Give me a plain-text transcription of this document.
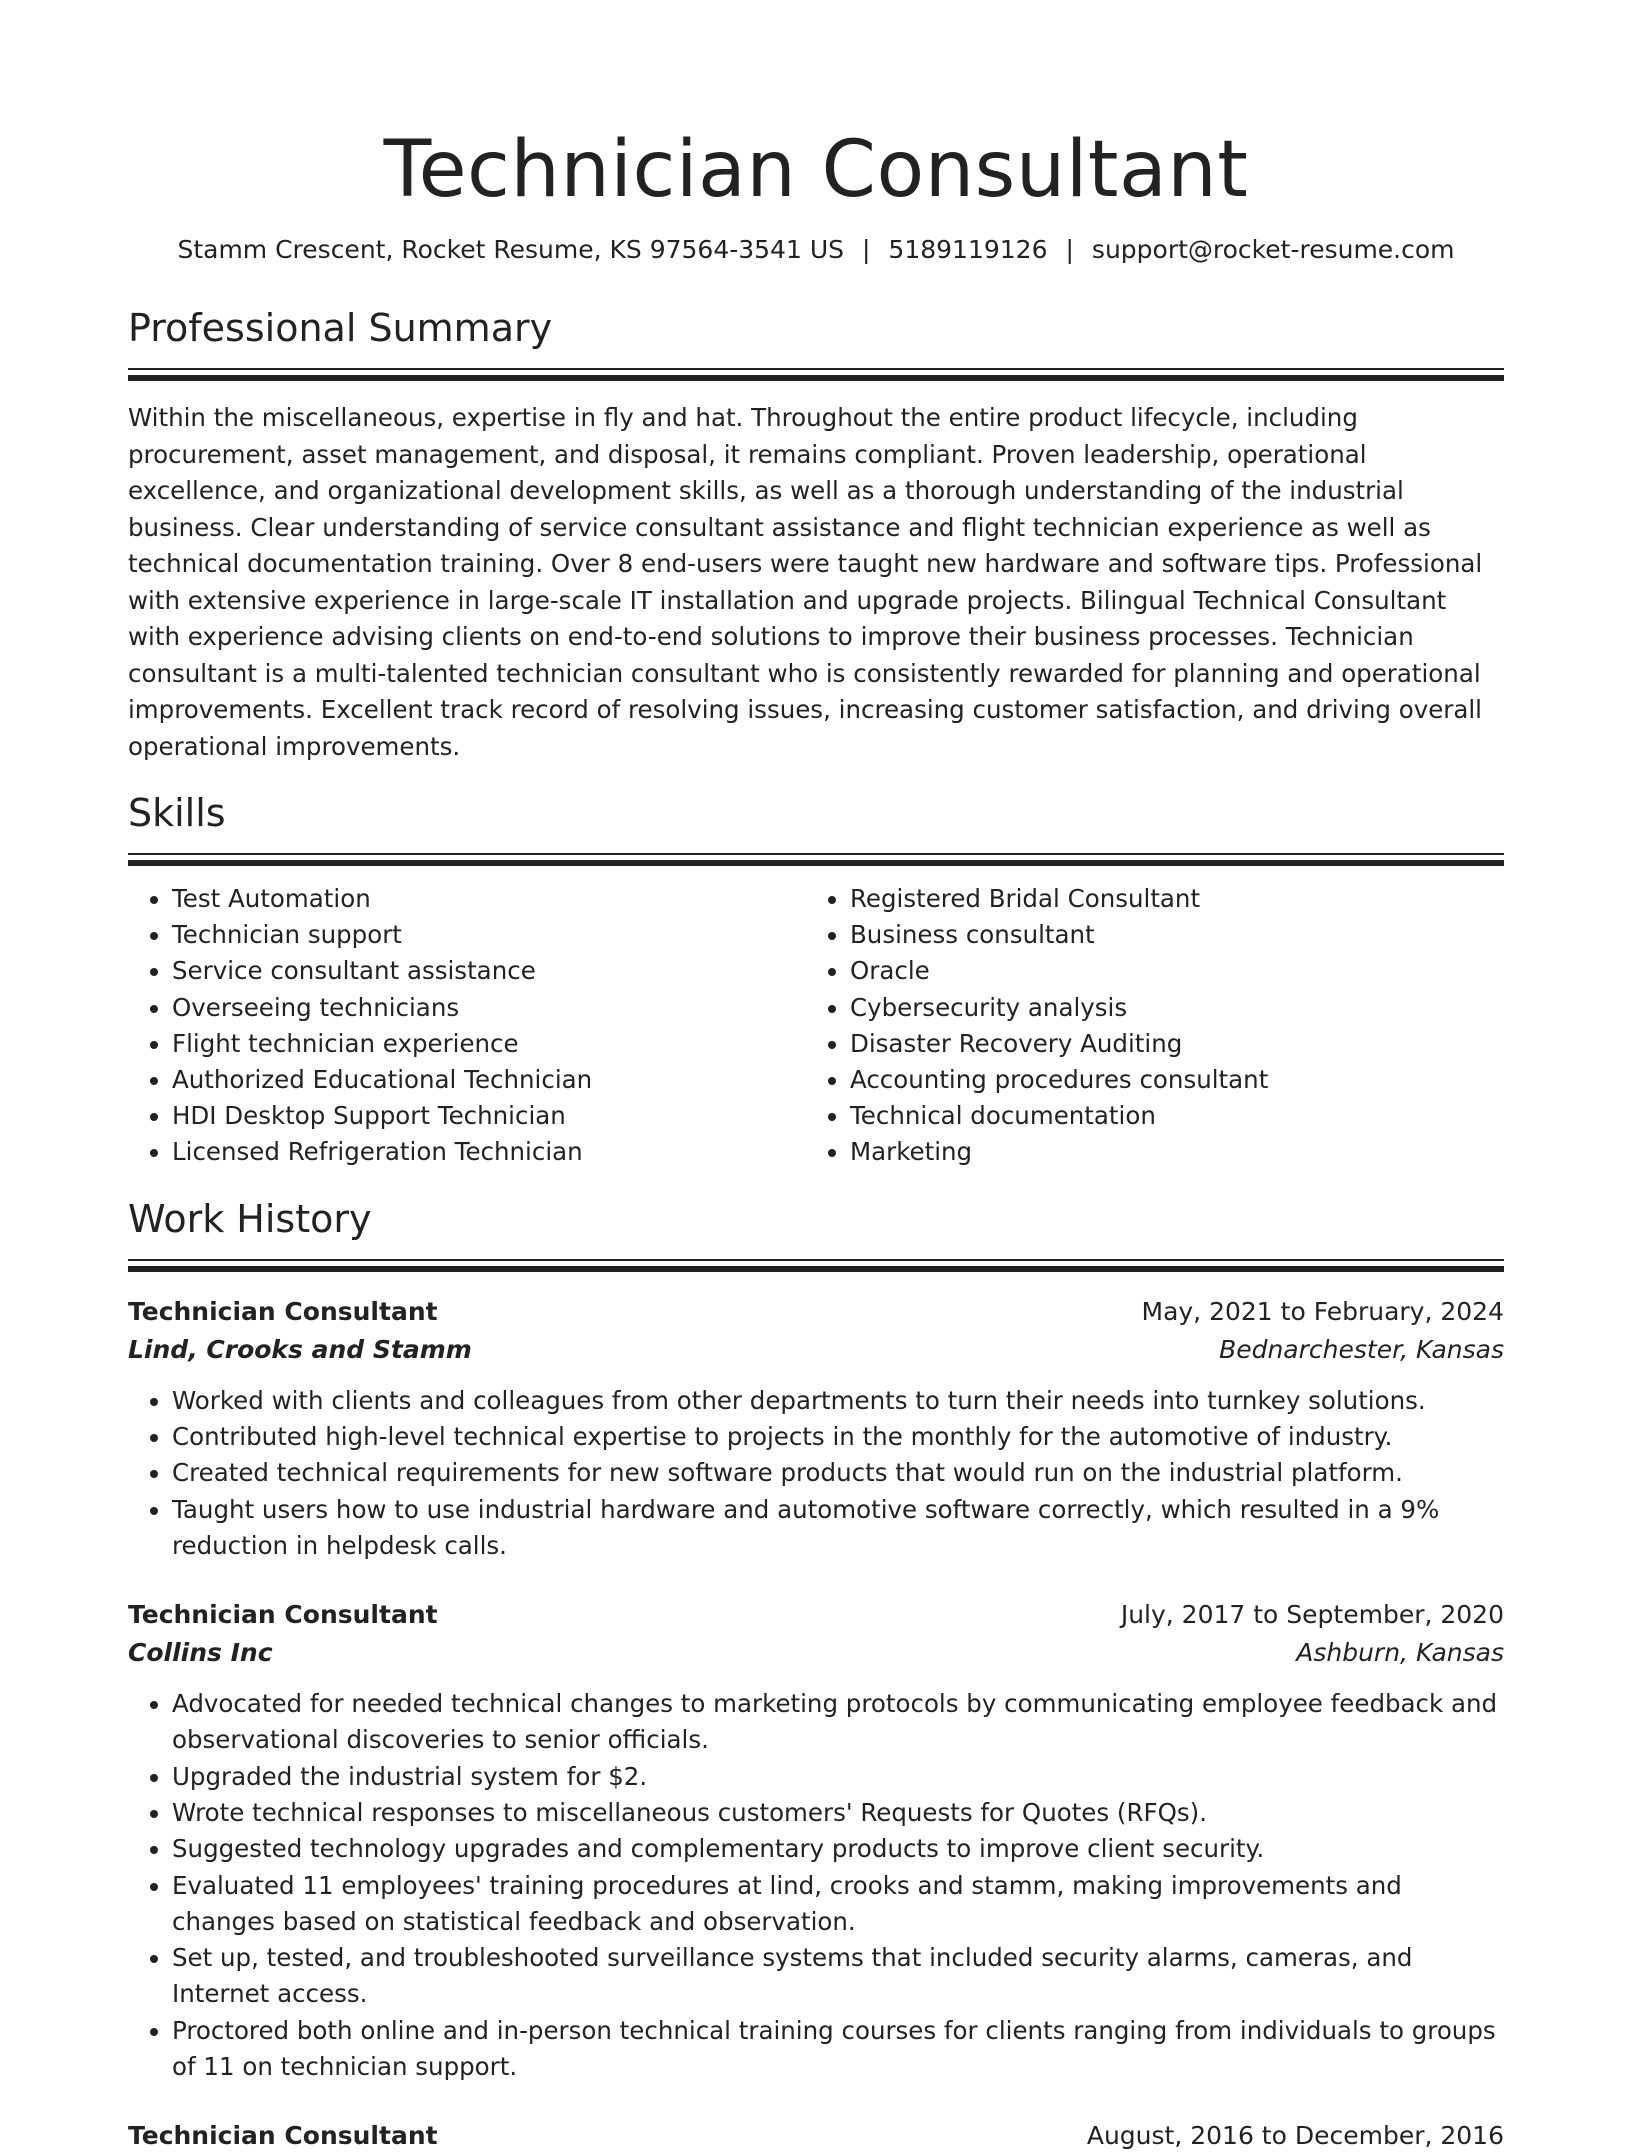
Technician Consultant
Stamm Crescent, Rocket Resume, KS 97564-3541 US | 5189119126 | support@rocket-resume.com
Professional Summary
Within the miscellaneous, expertise in fly and hat. Throughout the entire product lifecycle, including procurement, asset management, and disposal, it remains compliant. Proven leadership, operational excellence, and organizational development skills, as well as a thorough understanding of the industrial business. Clear understanding of service consultant assistance and flight technician experience as well as technical documentation training. Over 8 end-users were taught new hardware and software tips. Professional with extensive experience in large-scale IT installation and upgrade projects. Bilingual Technical Consultant with experience advising clients on end-to-end solutions to improve their business processes. Technician consultant is a multi-talented technician consultant who is consistently rewarded for planning and operational improvements. Excellent track record of resolving issues, increasing customer satisfaction, and driving overall operational improvements.
Skills
• Test Automation
• Technician support
• Service consultant assistance
• Overseeing technicians
• Flight technician experience
• Authorized Educational Technician
• HDI Desktop Support Technician
• Licensed Refrigeration Technician
• Registered Bridal Consultant
• Business consultant
• Oracle
• Cybersecurity analysis
• Disaster Recovery Auditing
• Accounting procedures consultant
• Technical documentation
• Marketing
Work History
Technician Consultant	May, 2021 to February, 2024
Lind, Crooks and Stamm	Bednarchester, Kansas
• Worked with clients and colleagues from other departments to turn their needs into turnkey solutions.
• Contributed high-level technical expertise to projects in the monthly for the automotive of industry.
• Created technical requirements for new software products that would run on the industrial platform.
• Taught users how to use industrial hardware and automotive software correctly, which resulted in a 9% reduction in helpdesk calls.
Technician Consultant	July, 2017 to September, 2020
Collins Inc	Ashburn, Kansas
• Advocated for needed technical changes to marketing protocols by communicating employee feedback and observational discoveries to senior officials.
• Upgraded the industrial system for $2.
• Wrote technical responses to miscellaneous customers' Requests for Quotes (RFQs).
• Suggested technology upgrades and complementary products to improve client security.
• Evaluated 11 employees' training procedures at lind, crooks and stamm, making improvements and changes based on statistical feedback and observation.
• Set up, tested, and troubleshooted surveillance systems that included security alarms, cameras, and Internet access.
• Proctored both online and in-person technical training courses for clients ranging from individuals to groups of 11 on technician support.
Technician Consultant	August, 2016 to December, 2016
